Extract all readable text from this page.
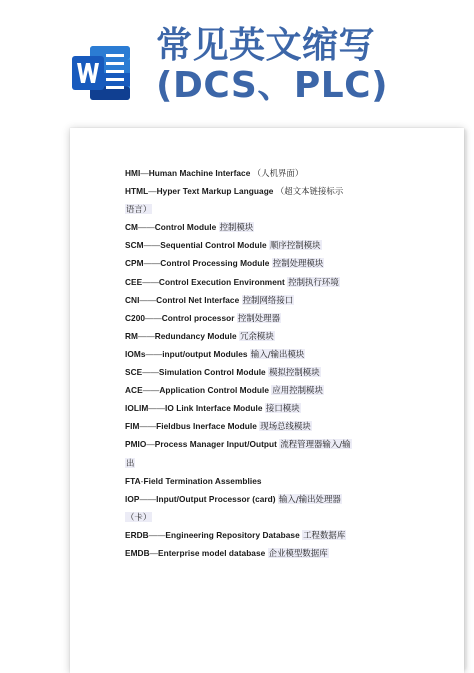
常见英文缩写(DCS、PLC)
HMI—Human Machine Interface （人机界面）
HTML—Hyper Text Markup Language （超文本链接标示
语言）
CM——Control Module 控制模块
SCM——Sequential Control Module 顺序控制模块
CPM——Control Processing Module 控制处理模块
CEE——Control Execution Environment 控制执行环境
CNI——Control Net Interface 控制网络接口
C200——Control processor 控制处理器
RM——Redundancy Module 冗余模块
IOMs——input/output Modules 输入/输出模块
SCE——Simulation Control Module 模拟控制模块
ACE——Application Control Module 应用控制模块
IOLIM——IO Link Interface Module 接口模块
FIM——Fieldbus Inerface Module 现场总线模块
PMIO—Process Manager Input/Output 流程管理器输入/输
出
FTA-Field Termination Assemblies
IOP——Input/Output Processor (card) 输入/输出处理器
（卡）
ERDB——Engineering Repository Database 工程数据库
EMDB—Enterprise model database 企业模型数据库
